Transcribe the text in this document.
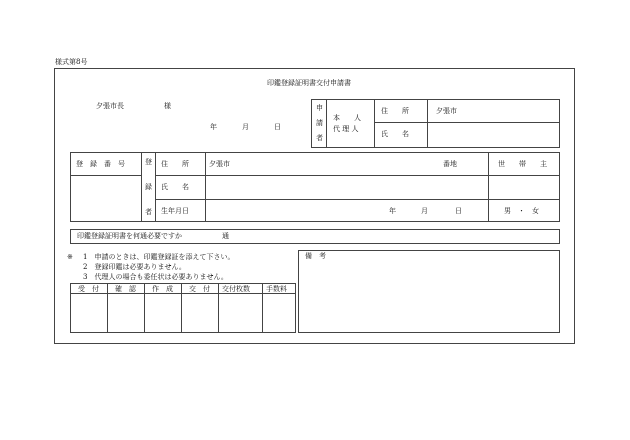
様式第8号
印鑑登録証明書交付申請書
夕張市長	様
年	月	日
申
請
者
本　　人
代 理 人
住　　所	夕張市
氏　　名
登　録　番　号	登
録
者
住　　所	夕張市	番地	世　　帯　　主
氏　　名
生年月日	年	月	日	男　・　女
印鑑登録証明書を何通必要ですか	通
※ 1　申請のときは、印鑑登録証を添えて下さい。
2　登録印鑑は必要ありません。
3　代理人の場合も委任状は必要ありません。
受　付 確　認 作　成 交　付 交付枚数 手数料
備　考
